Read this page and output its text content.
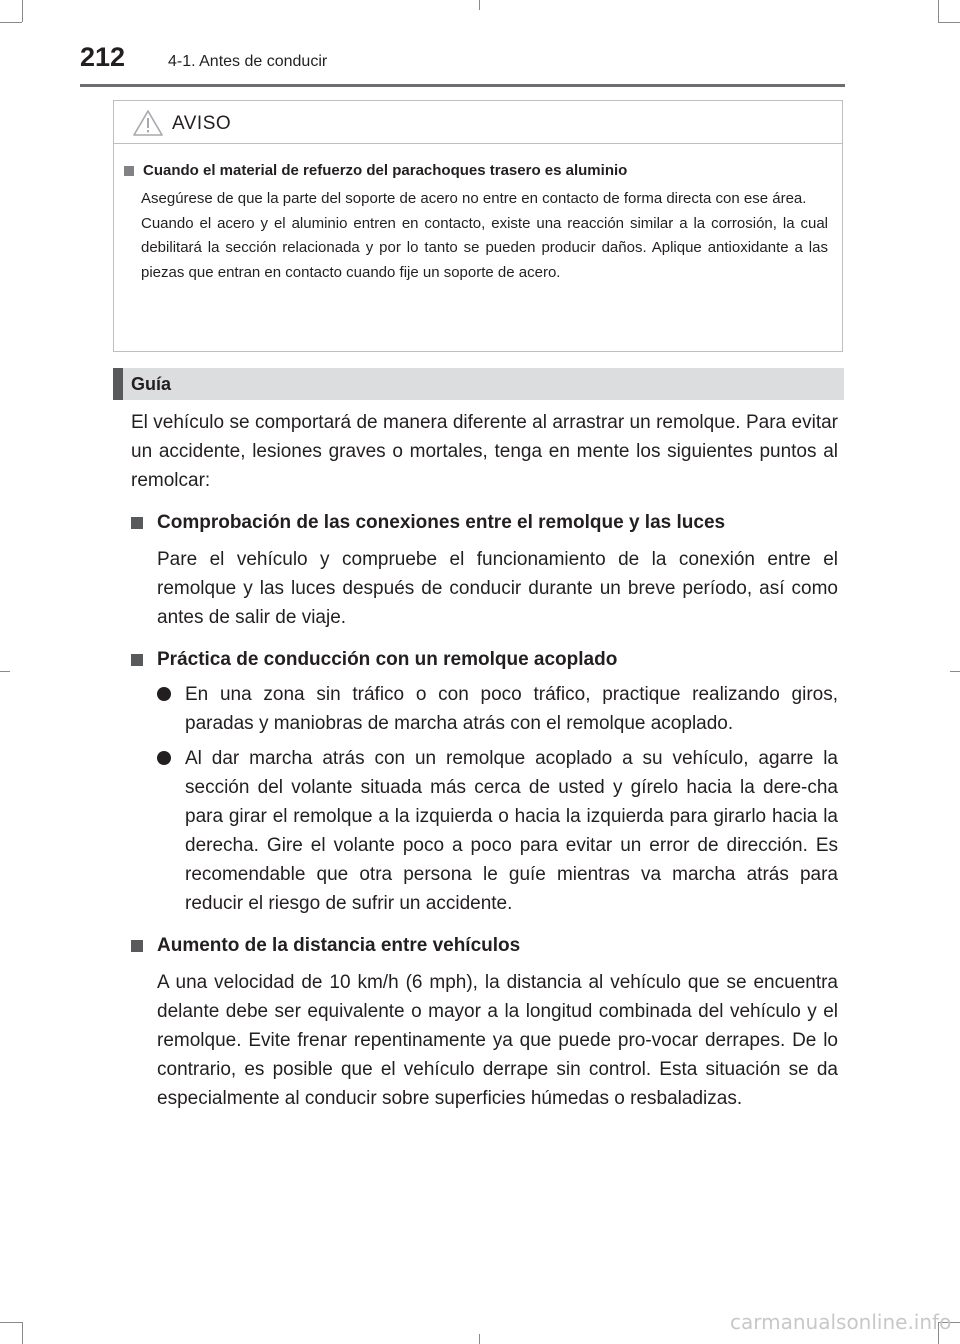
212	4-1. Antes de conducir
AVISO
Cuando el material de refuerzo del parachoques trasero es aluminio

Asegúrese de que la parte del soporte de acero no entre en contacto de forma directa con ese área.

Cuando el acero y el aluminio entren en contacto, existe una reacción similar a la corrosión, la cual debilitará la sección relacionada y por lo tanto se pueden producir daños. Aplique antioxidante a las piezas que entran en contacto cuando fije un soporte de acero.

Guía

El vehículo se comportará de manera diferente al arrastrar un remolque. Para evitar un accidente, lesiones graves o mortales, tenga en mente los siguientes puntos al remolcar:

Comprobación de las conexiones entre el remolque y las luces

Pare el vehículo y compruebe el funcionamiento de la conexión entre el remolque y las luces después de conducir durante un breve período, así como antes de salir de viaje.

Práctica de conducción con un remolque acoplado
En una zona sin tráfico o con poco tráfico, practique realizando giros, paradas y maniobras de marcha atrás con el remolque acoplado.
Al dar marcha atrás con un remolque acoplado a su vehículo, agarre la sección del volante situada más cerca de usted y gírelo hacia la dere-cha para girar el remolque a la izquierda o hacia la izquierda para girarlo hacia la derecha. Gire el volante poco a poco para evitar un error de dirección. Es recomendable que otra persona le guíe mientras va marcha atrás para reducir el riesgo de sufrir un accidente.
Aumento de la distancia entre vehículos

A una velocidad de 10 km/h (6 mph), la distancia al vehículo que se encuentra delante debe ser equivalente o mayor a la longitud combinada del vehículo y el remolque. Evite frenar repentinamente ya que puede pro-vocar derrapes. De lo contrario, es posible que el vehículo derrape sin control. Esta situación se da especialmente al conducir sobre superficies húmedas o resbaladizas.

carmanualsonline.info
